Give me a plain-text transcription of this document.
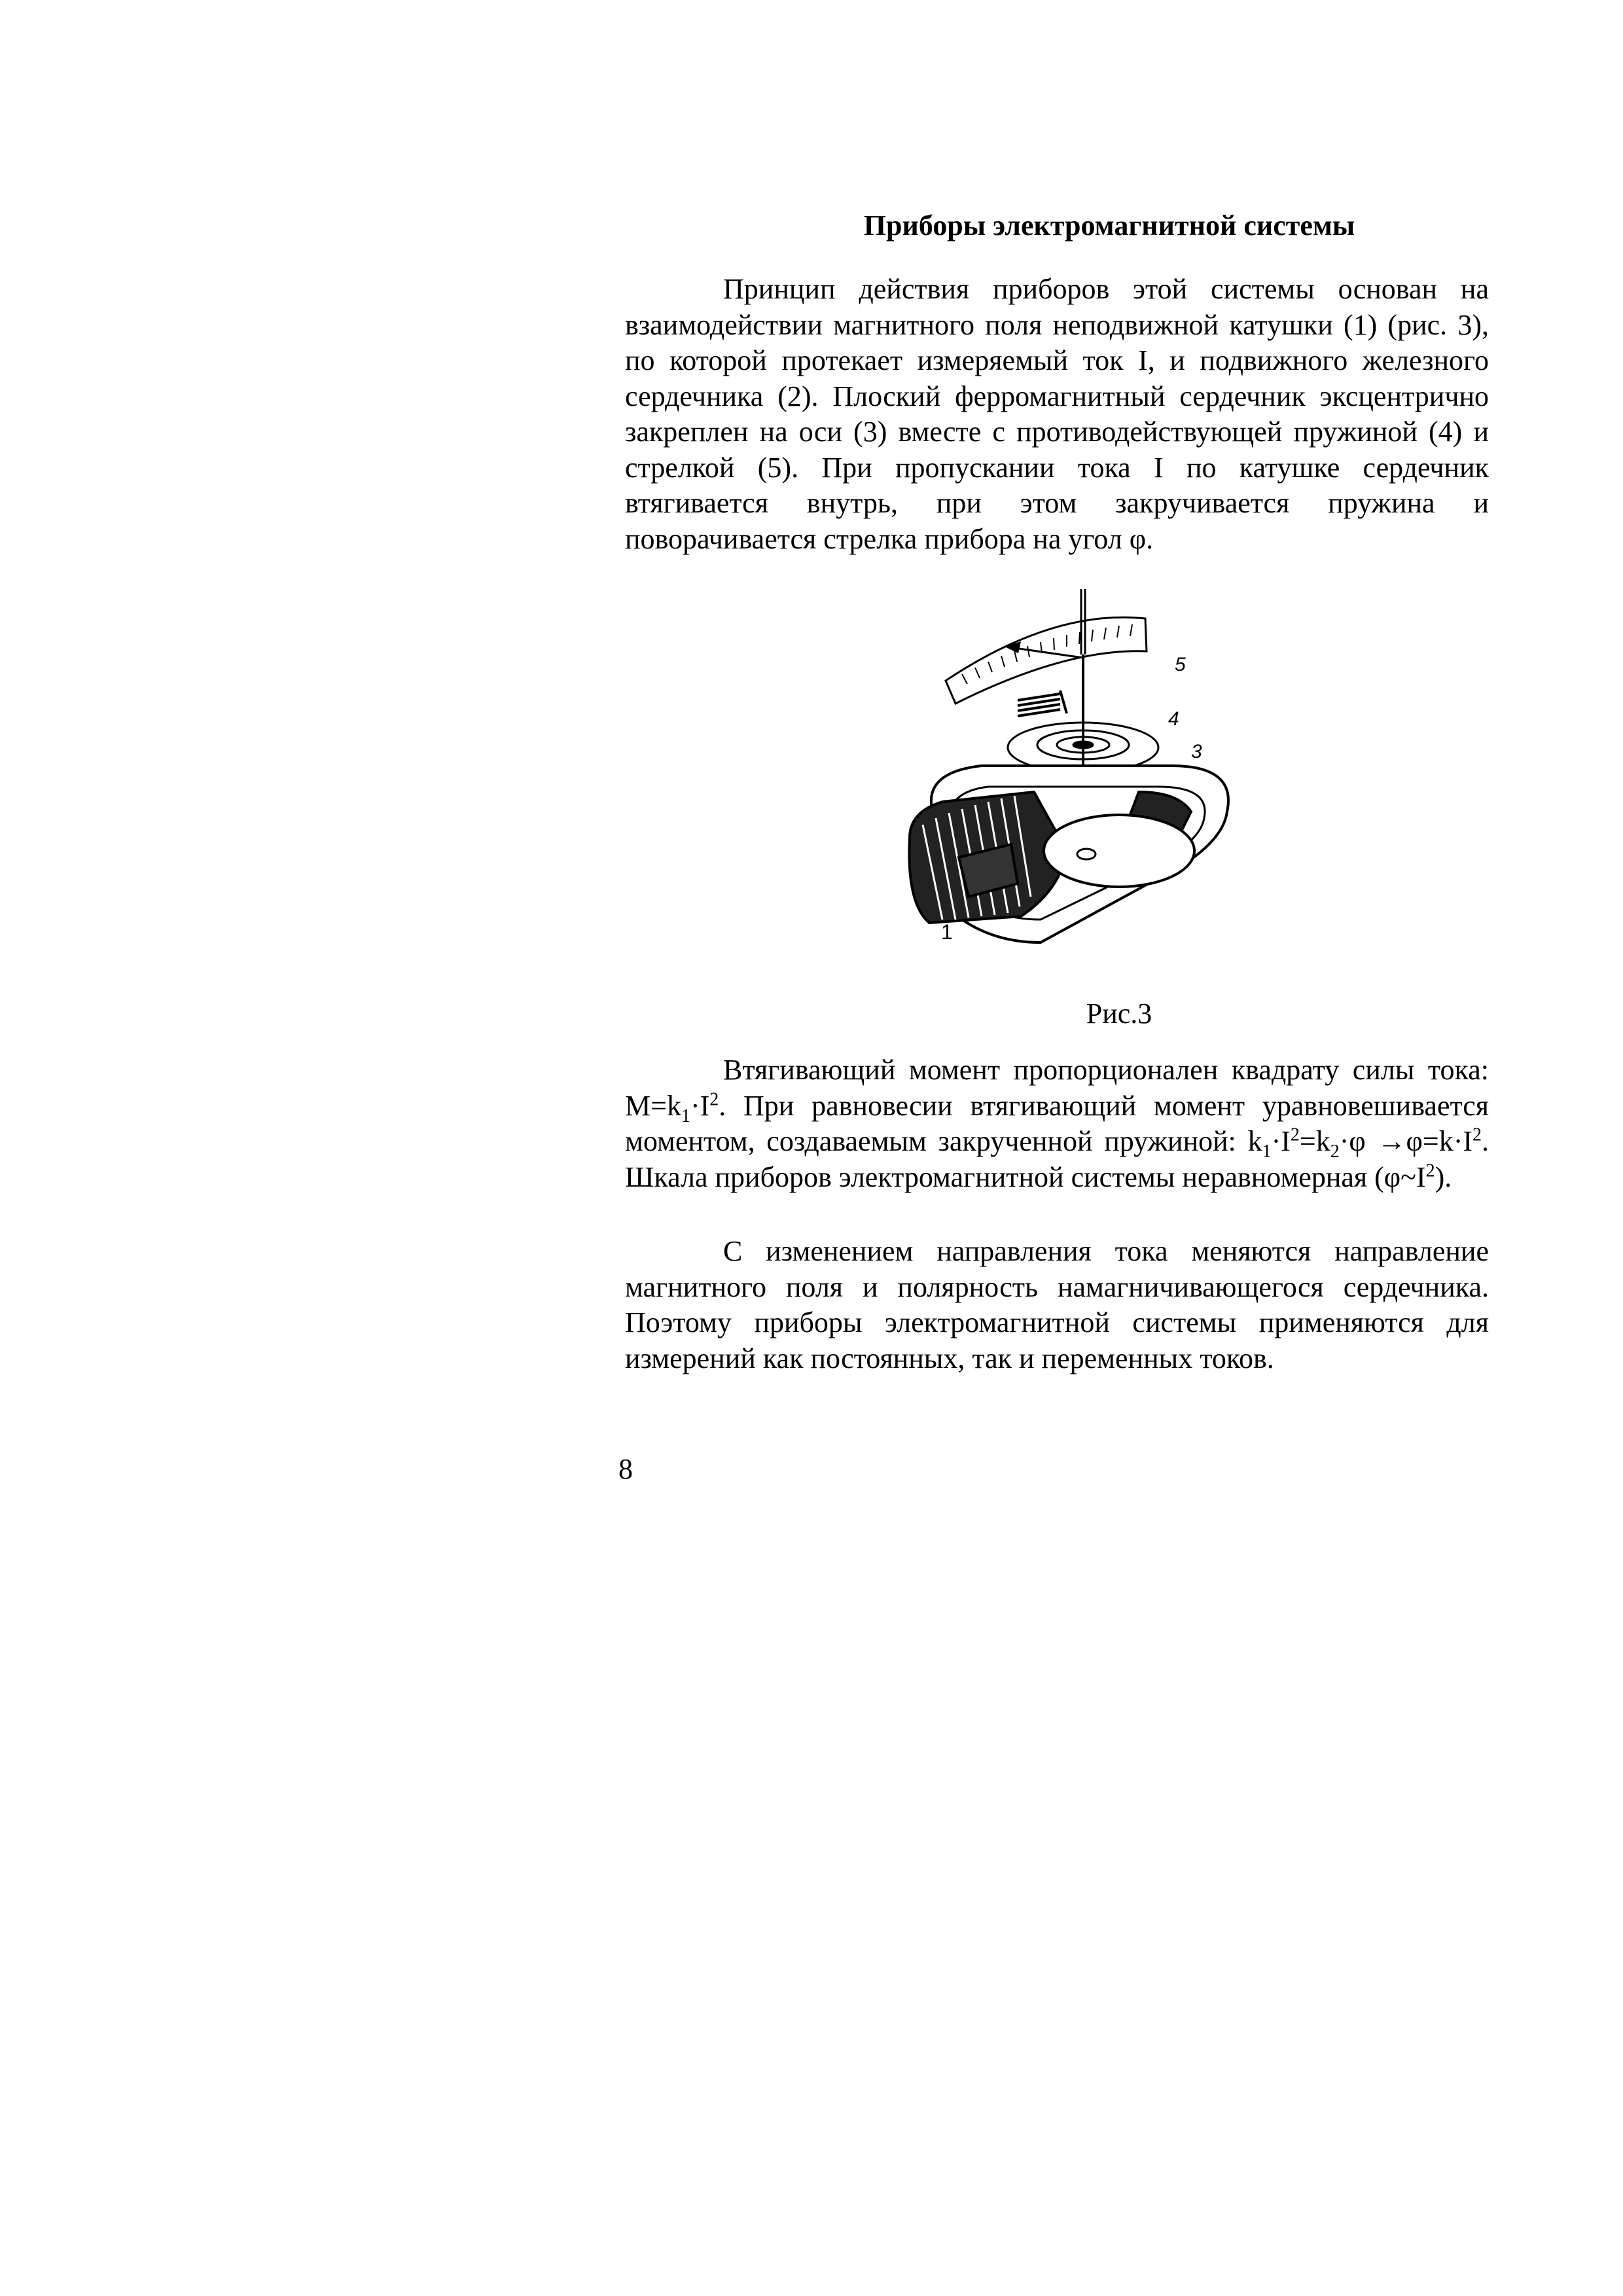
Приборы электромагнитной системы

Принцип действия приборов этой системы основан на взаимодействии магнитного поля неподвижной катушки (1) (рис. 3), по которой протекает измеряемый ток I, и подвижного железного сердечника (2). Плоский ферромагнитный сердечник эксцентрично закреплен на оси (3) вместе с противодействующей пружиной (4) и стрелкой (5). При пропускании тока I по катушке сердечник втягивается внутрь, при этом закручивается пружина и поворачивается стрелка прибора на угол φ.

5
4
3
1
Рис.3

Втягивающий момент пропорционален квадрату силы тока: $M=k_1\cdot I^2$. При равновесии втягивающий момент уравновешивается моментом, создаваемым закрученной пружиной: $k_1\cdot I^2=k_2\cdot\varphi \to\varphi=k\cdot I^2$. Шкала приборов электромагнитной системы неравномерная $(\varphi\sim I^2)$.

С изменением направления тока меняются направление магнитного поля и полярность намагничивающегося сердечника. Поэтому приборы электромагнитной системы применяются для измерений как постоянных, так и переменных токов.

8
